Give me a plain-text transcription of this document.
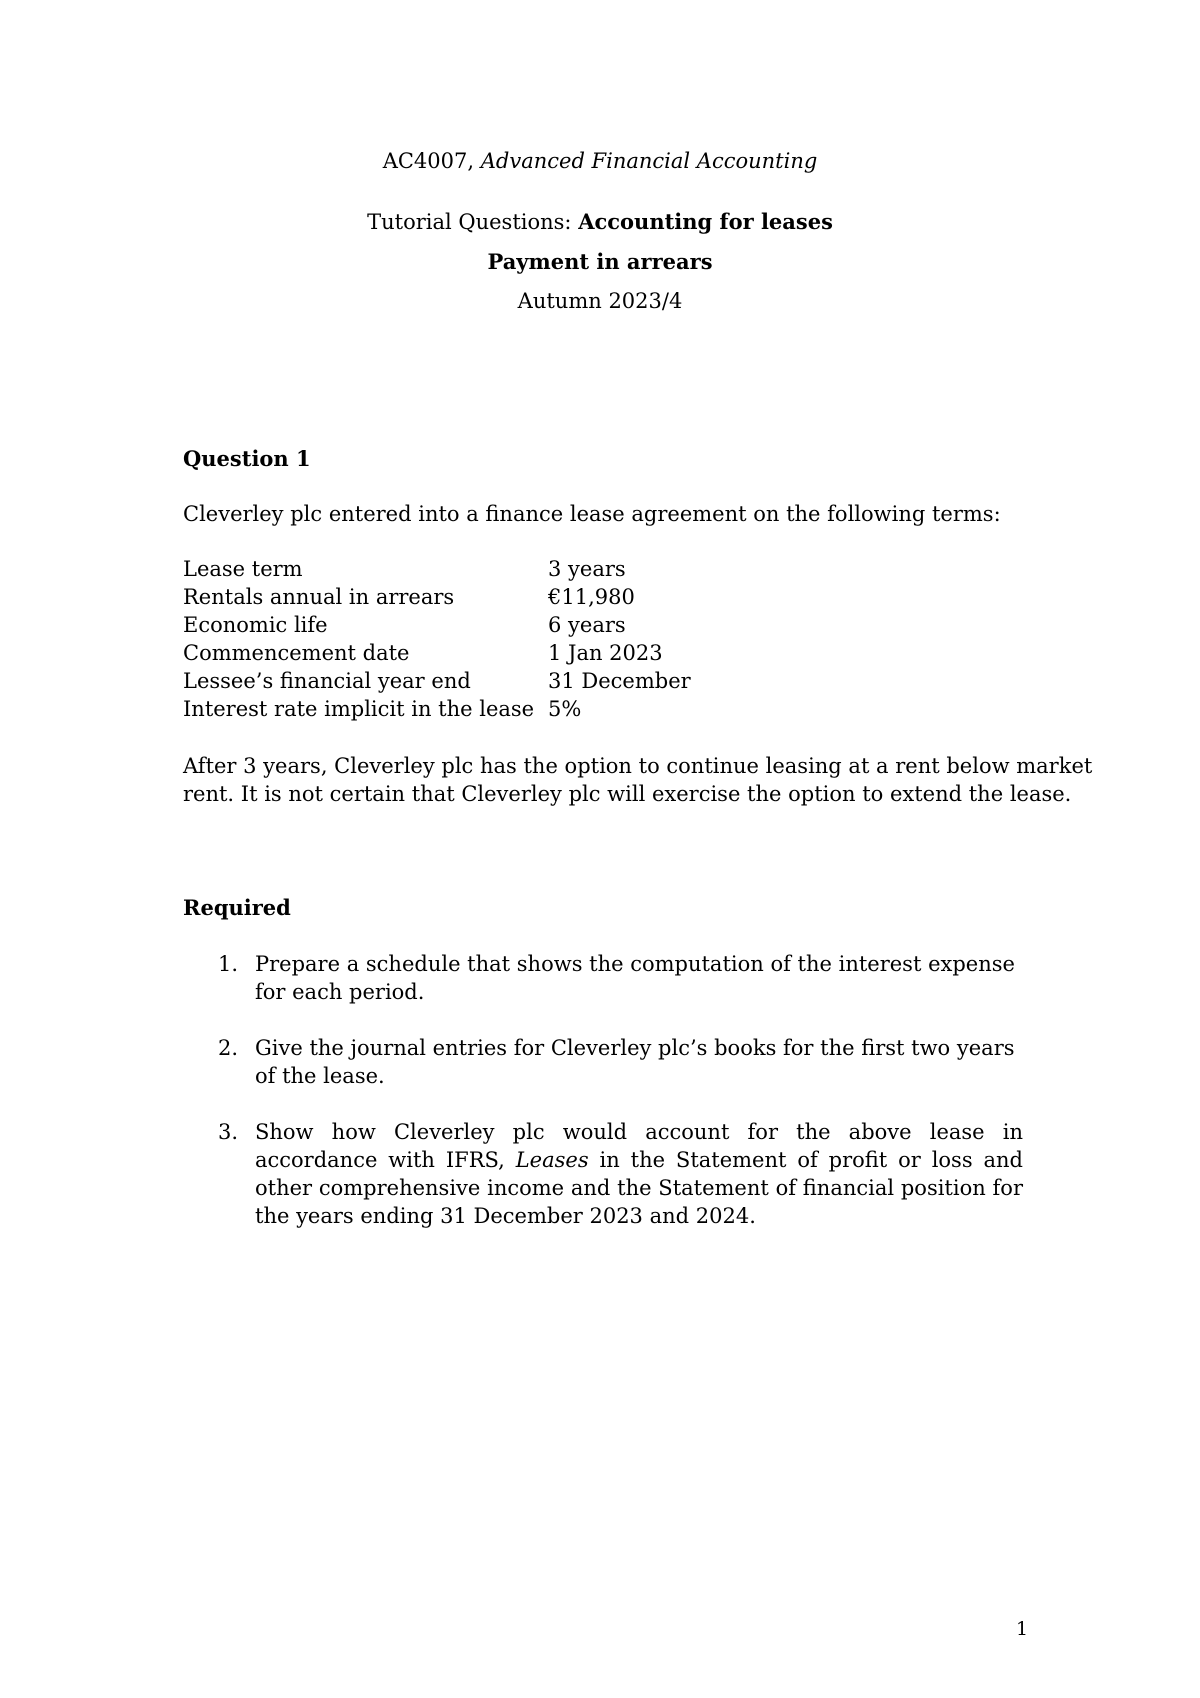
AC4007, Advanced Financial Accounting
Tutorial Questions: Accounting for leases
Payment in arrears
Autumn 2023/4
Question 1
Cleverley plc entered into a finance lease agreement on the following terms:
Lease term	3 years
Rentals annual in arrears	€11,980
Economic life	6 years
Commencement date	1 Jan 2023
Lessee’s financial year end	31 December
Interest rate implicit in the lease	5%
After 3 years, Cleverley plc has the option to continue leasing at a rent below market
rent. It is not certain that Cleverley plc will exercise the option to extend the lease.
Required
1. Prepare a schedule that shows the computation of the interest expense for each period.
2. Give the journal entries for Cleverley plc’s books for the first two years of the lease.
3. Show how Cleverley plc would account for the above lease in accordance with IFRS, Leases in the Statement of profit or loss and other comprehensive income and the Statement of financial position for the years ending 31 December 2023 and 2024.
1
